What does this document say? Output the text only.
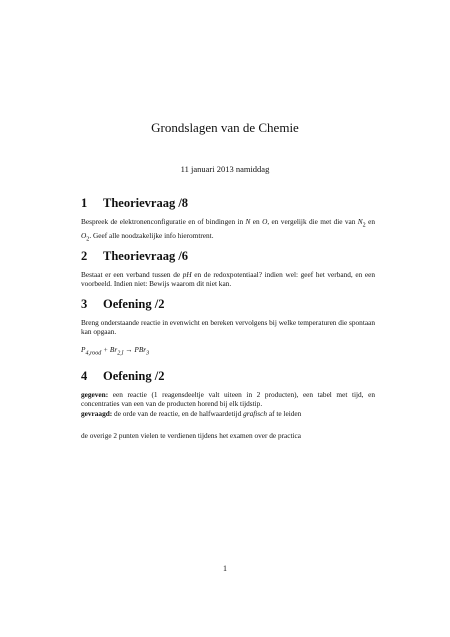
Grondslagen van de Chemie
11 januari 2013 namiddag
1 Theorievraag /8

Bespreek de elektronenconfiguratie en of bindingen in N en O, en vergelijk die met die van $N_2$ en $O_2$. Geef alle noodzakelijke info hieromtrent.

2 Theorievraag /6

Bestaat er een verband tussen de pH en de redoxpotentiaal? indien wel: geef het verband, en een voorbeeld. Indien niet: Bewijs waarom dit niet kan.

3 Oefening /2

Breng onderstaande reactie in evenwicht en bereken vervolgens bij welke temperaturen die spontaan kan opgaan.

$P_{4,rood} + Br_{2,l} \to PBr_3$
4 Oefening /2

gegeven: een reactie (1 reagensdeeltje valt uiteen in 2 producten), een tabel met tijd, en concentraties van een van de producten horend bij elk tijdstip.
gevraagd: de orde van de reactie, en de halfwaardetijd grafisch af te leiden

de overige 2 punten vielen te verdienen tijdens het examen over de practica
1
